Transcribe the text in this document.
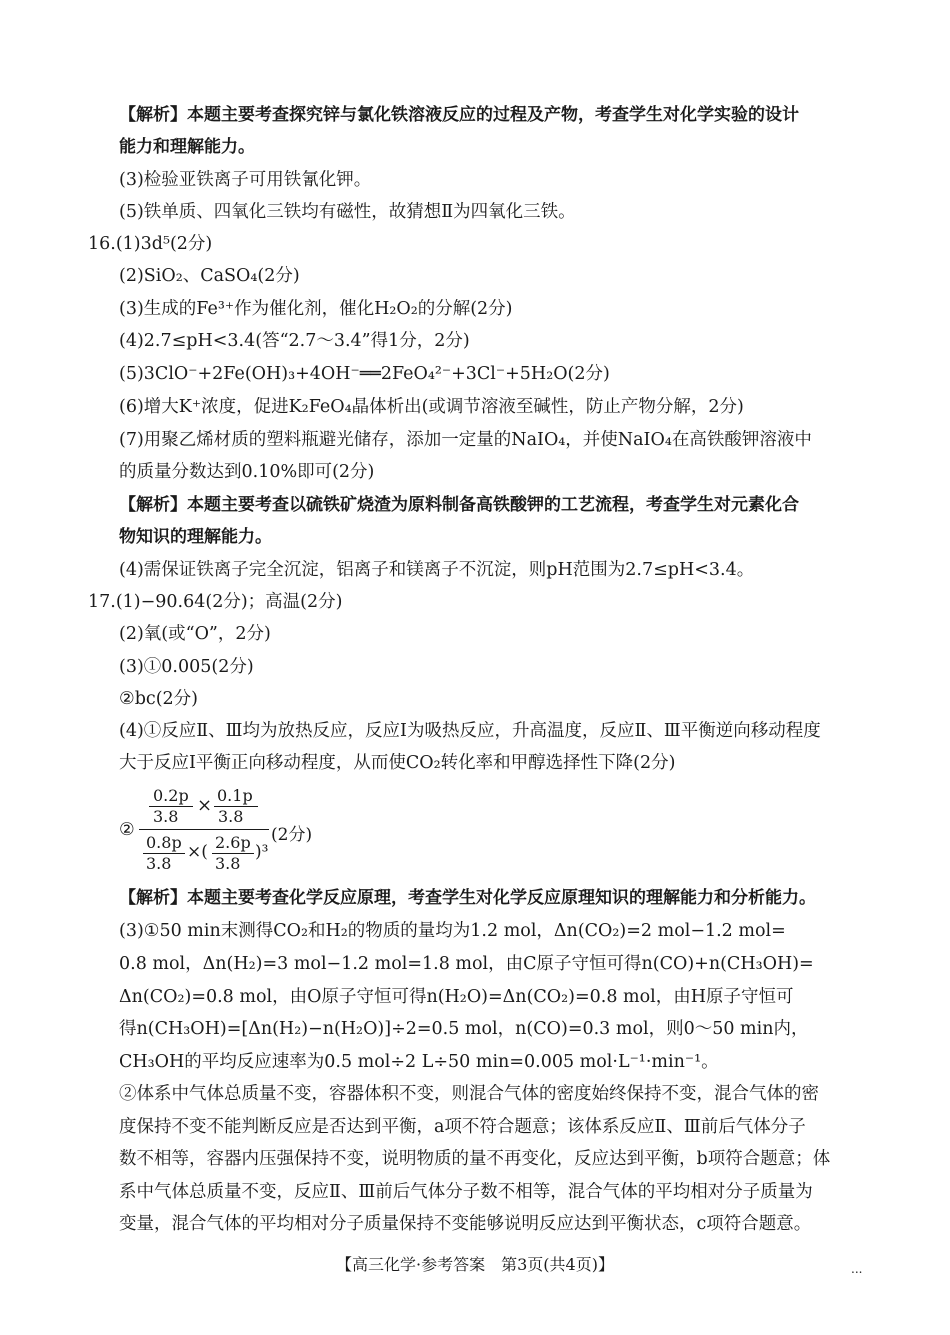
【解析】本题主要考查探究锌与氯化铁溶液反应的过程及产物，考查学生对化学实验的设计
能力和理解能力。
(3)检验亚铁离子可用铁氰化钾。
(5)铁单质、四氧化三铁均有磁性，故猜想Ⅱ为四氧化三铁。
16.(1)3d⁵(2分)
(2)SiO₂、CaSO₄(2分)
(3)生成的Fe³⁺作为催化剂，催化H₂O₂的分解(2分)
(4)2.7≤pH<3.4(答“2.7～3.4”得1分，2分)
(5)3ClO⁻+2Fe(OH)₃+4OH⁻══2FeO₄²⁻+3Cl⁻+5H₂O(2分)
(6)增大K⁺浓度，促进K₂FeO₄晶体析出(或调节溶液至碱性，防止产物分解，2分)
(7)用聚乙烯材质的塑料瓶避光储存，添加一定量的NaIO₄，并使NaIO₄在高铁酸钾溶液中
的质量分数达到0.10%即可(2分)
【解析】本题主要考查以硫铁矿烧渣为原料制备高铁酸钾的工艺流程，考查学生对元素化合
物知识的理解能力。
(4)需保证铁离子完全沉淀，铝离子和镁离子不沉淀，则pH范围为2.7≤pH<3.4。
17.(1)−90.64(2分)；高温(2分)
(2)氧(或“O”，2分)
(3)①0.005(2分)
②bc(2分)
(4)①反应Ⅱ、Ⅲ均为放热反应，反应Ⅰ为吸热反应，升高温度，反应Ⅱ、Ⅲ平衡逆向移动程度
大于反应Ⅰ平衡正向移动程度，从而使CO₂转化率和甲醇选择性下降(2分)
②
0.2p
3.8
× 0.1p
3.8
(2分)
0.8p
3.8
×( 2.6p
3.8
)³
【解析】本题主要考查化学反应原理，考查学生对化学反应原理知识的理解能力和分析能力。
(3)①50 min末测得CO₂和H₂的物质的量均为1.2 mol，Δn(CO₂)=2 mol−1.2 mol=
0.8 mol，Δn(H₂)=3 mol−1.2 mol=1.8 mol，由C原子守恒可得n(CO)+n(CH₃OH)=
Δn(CO₂)=0.8 mol，由O原子守恒可得n(H₂O)=Δn(CO₂)=0.8 mol，由H原子守恒可
得n(CH₃OH)=[Δn(H₂)−n(H₂O)]÷2=0.5 mol，n(CO)=0.3 mol，则0～50 min内，
CH₃OH的平均反应速率为0.5 mol÷2 L÷50 min=0.005 mol·L⁻¹·min⁻¹。
②体系中气体总质量不变，容器体积不变，则混合气体的密度始终保持不变，混合气体的密
度保持不变不能判断反应是否达到平衡，a项不符合题意；该体系反应Ⅱ、Ⅲ前后气体分子
数不相等，容器内压强保持不变，说明物质的量不再变化，反应达到平衡，b项符合题意；体
系中气体总质量不变，反应Ⅱ、Ⅲ前后气体分子数不相等，混合气体的平均相对分子质量为
变量，混合气体的平均相对分子质量保持不变能够说明反应达到平衡状态，c项符合题意。
【高三化学·参考答案　第3页(共4页)】	...
